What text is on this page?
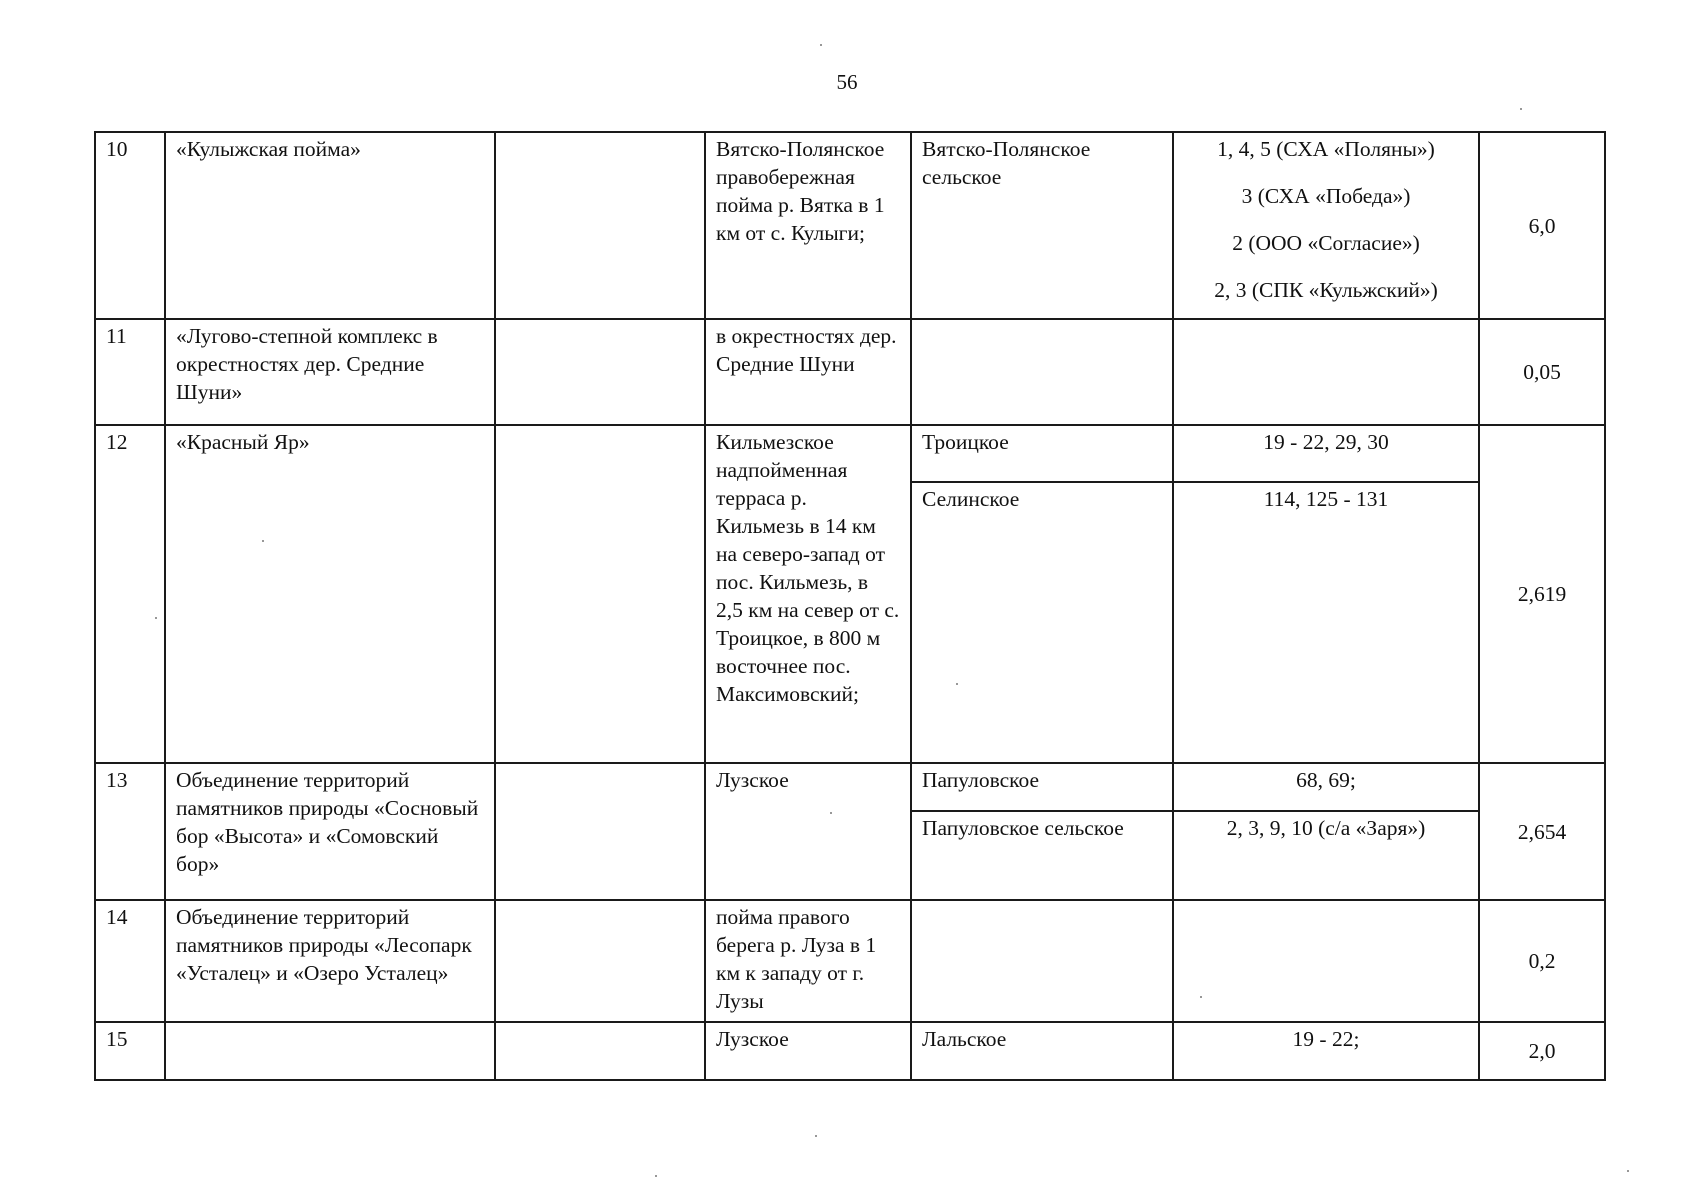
56
10	«Кулыжская пойма»		Вятско-Полянское правобережная пойма р. Вятка в 1 км от с. Кулыги;	Вятско-Полянское сельское	1, 4, 5 (СХА «Поляны»)
3 (СХА «Победа»)
2 (ООО «Согласие»)
2, 3 (СПК «Кульжский»)	6,0
11	«Лугово-степной комплекс в окрестностях дер. Средние Шуни»		в окрестностях дер. Средние Шуни			0,05
12	«Красный Яр»		Кильмезское надпойменная терраса р. Кильмезь в 14 км на северо-запад от пос. Кильмезь, в 2,5 км на север от с. Троицкое, в 800 м восточнее пос. Максимовский;	Троицкое	19 - 22, 29, 30	2,619
				Селинское	114, 125 - 131	
13	Объединение территорий памятников природы «Сосновый бор «Высота» и «Сомовский бор»		Лузское	Папуловское	68, 69;	2,654
				Папуловское сельское	2, 3, 9, 10 (с/а «Заря»)	
14	Объединение территорий памятников природы «Лесопарк «Усталец» и «Озеро Усталец»		пойма правого берега р. Луза в 1 км к западу от г. Лузы			0,2
15			Лузское	Лальское	19 - 22;	2,0
